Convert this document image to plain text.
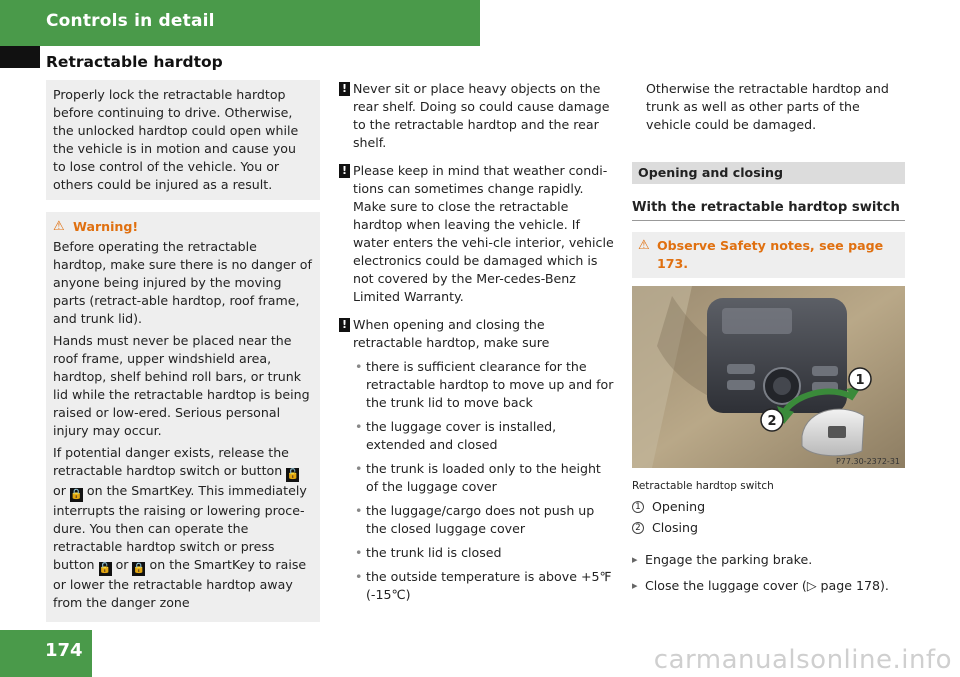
Controls in detail
Retractable hardtop
Properly lock the retractable hardtop before continuing to drive. Otherwise, the unlocked hardtop could open while the vehicle is in motion and cause you to lose control of the vehicle. You or others could be injured as a result.
⚠ Warning!
Before operating the retractable hardtop, make sure there is no danger of anyone being injured by the moving parts (retract-able hardtop, roof frame, and trunk lid).
Hands must never be placed near the roof frame, upper windshield area, hardtop, shelf behind roll bars, or trunk lid while the retractable hardtop is being raised or low-ered. Serious personal injury may occur.
If potential danger exists, release the retractable hardtop switch or button 🔓 or 🔒 on the SmartKey. This immediately interrupts the raising or lowering proce-dure. You then can operate the retractable hardtop switch or press button 🔓 or 🔒 on the SmartKey to raise or lower the retractable hardtop away from the danger zone
! Never sit or place heavy objects on the rear shelf. Doing so could cause damage to the retractable hardtop and the rear shelf.
! Please keep in mind that weather condi-tions can sometimes change rapidly. Make sure to close the retractable hardtop when leaving the vehicle. If water enters the vehi-cle interior, vehicle electronics could be damaged which is not covered by the Mer-cedes-Benz Limited Warranty.
! When opening and closing the retractable hardtop, make sure
• there is sufficient clearance for the retractable hardtop to move up and for the trunk lid to move back
• the luggage cover is installed, extended and closed
• the trunk is loaded only to the height of the luggage cover
• the luggage/cargo does not push up the closed luggage cover
• the trunk lid is closed
• the outside temperature is above +5℉ (-15℃)
Otherwise the retractable hardtop and trunk as well as other parts of the vehicle could be damaged.
Opening and closing
With the retractable hardtop switch
⚠ Observe Safety notes, see page 173.
1
2
P77.30-2372-31
Retractable hardtop switch
1 Opening
2 Closing
▸ Engage the parking brake.
▸ Close the luggage cover (▷ page 178).
174	carmanualsonline.info
